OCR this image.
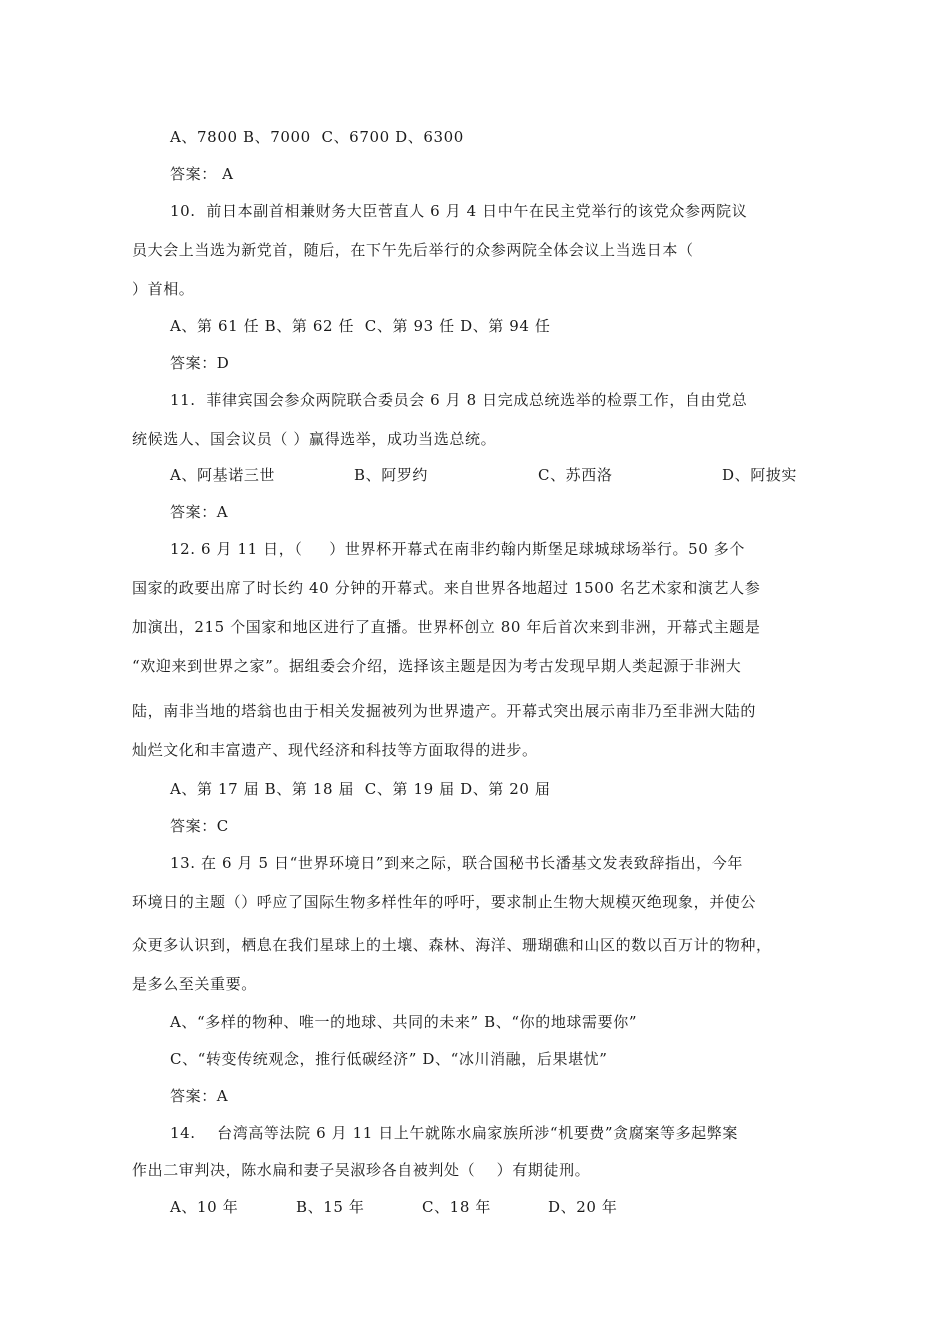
A、7800 B、7000  C、6700 D、6300
答案： A
10.  前日本副首相兼财务大臣菅直人 6 月 4 日中午在民主党举行的该党众参两院议
员大会上当选为新党首，随后，在下午先后举行的众参两院全体会议上当选日本（
）首相。
A、第 61 任 B、第 62 任  C、第 93 任 D、第 94 任
答案：D
11.  菲律宾国会参众两院联合委员会 6 月 8 日完成总统选举的检票工作，自由党总
统候选人、国会议员（ ）赢得选举，成功当选总统。
A、阿基诺三世	B、阿罗约	C、苏西洛	D、阿披实
答案：A
12. 6 月 11 日，（     ）世界杯开幕式在南非约翰内斯堡足球城球场举行。50 多个
国家的政要出席了时长约 40 分钟的开幕式。来自世界各地超过 1500 名艺术家和演艺人参
加演出，215 个国家和地区进行了直播。世界杯创立 80 年后首次来到非洲，开幕式主题是
“欢迎来到世界之家”。据组委会介绍，选择该主题是因为考古发现早期人类起源于非洲大
陆，南非当地的塔翁也由于相关发掘被列为世界遗产。开幕式突出展示南非乃至非洲大陆的
灿烂文化和丰富遗产、现代经济和科技等方面取得的进步。
A、第 17 届 B、第 18 届  C、第 19 届 D、第 20 届
答案：C
13. 在 6 月 5 日“世界环境日”到来之际，联合国秘书长潘基文发表致辞指出，今年
环境日的主题（）呼应了国际生物多样性年的呼吁，要求制止生物大规模灭绝现象，并使公
众更多认识到，栖息在我们星球上的土壤、森林、海洋、珊瑚礁和山区的数以百万计的物种，
是多么至关重要。
A、“多样的物种、唯一的地球、共同的未来” B、“你的地球需要你”
C、“转变传统观念，推行低碳经济” D、“冰川消融，后果堪忧”
答案：A
14.    台湾高等法院 6 月 11 日上午就陈水扁家族所涉“机要费”贪腐案等多起弊案
作出二审判决，陈水扁和妻子吴淑珍各自被判处（    ）有期徒刑。
A、10 年	B、15 年	C、18 年	D、20 年
